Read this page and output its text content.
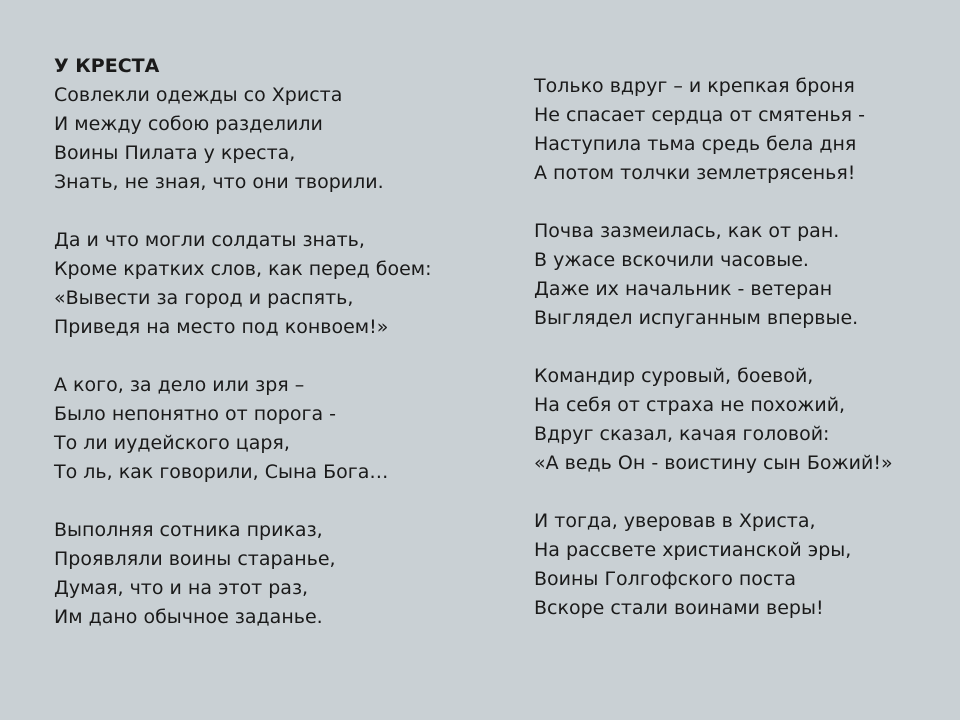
У КРЕСТА
Совлекли одежды со Христа
И между собою разделили
Воины Пилата у креста,
Знать, не зная, что они творили.
Да и что могли солдаты знать,
Кроме кратких слов, как перед боем:
«Вывести за город и распять,
Приведя на место под конвоем!»
А кого, за дело или зря –
Было непонятно от порога -
То ли иудейского царя,
То ль, как говорили, Сына Бога…
Выполняя сотника приказ,
Проявляли воины старанье,
Думая, что и на этот раз,
Им дано обычное заданье.
Только вдруг – и крепкая броня
Не спасает сердца от смятенья -
Наступила тьма средь бела дня
А потом толчки землетрясенья!
Почва зазмеилась, как от ран.
В ужасе вскочили часовые.
Даже их начальник - ветеран
Выглядел испуганным впервые.
Командир суровый, боевой,
На себя от страха не похожий,
Вдруг сказал, качая головой:
«А ведь Он - воистину сын Божий!»
И тогда, уверовав в Христа,
На рассвете христианской эры,
Воины Голгофского поста
Вскоре стали воинами веры!
